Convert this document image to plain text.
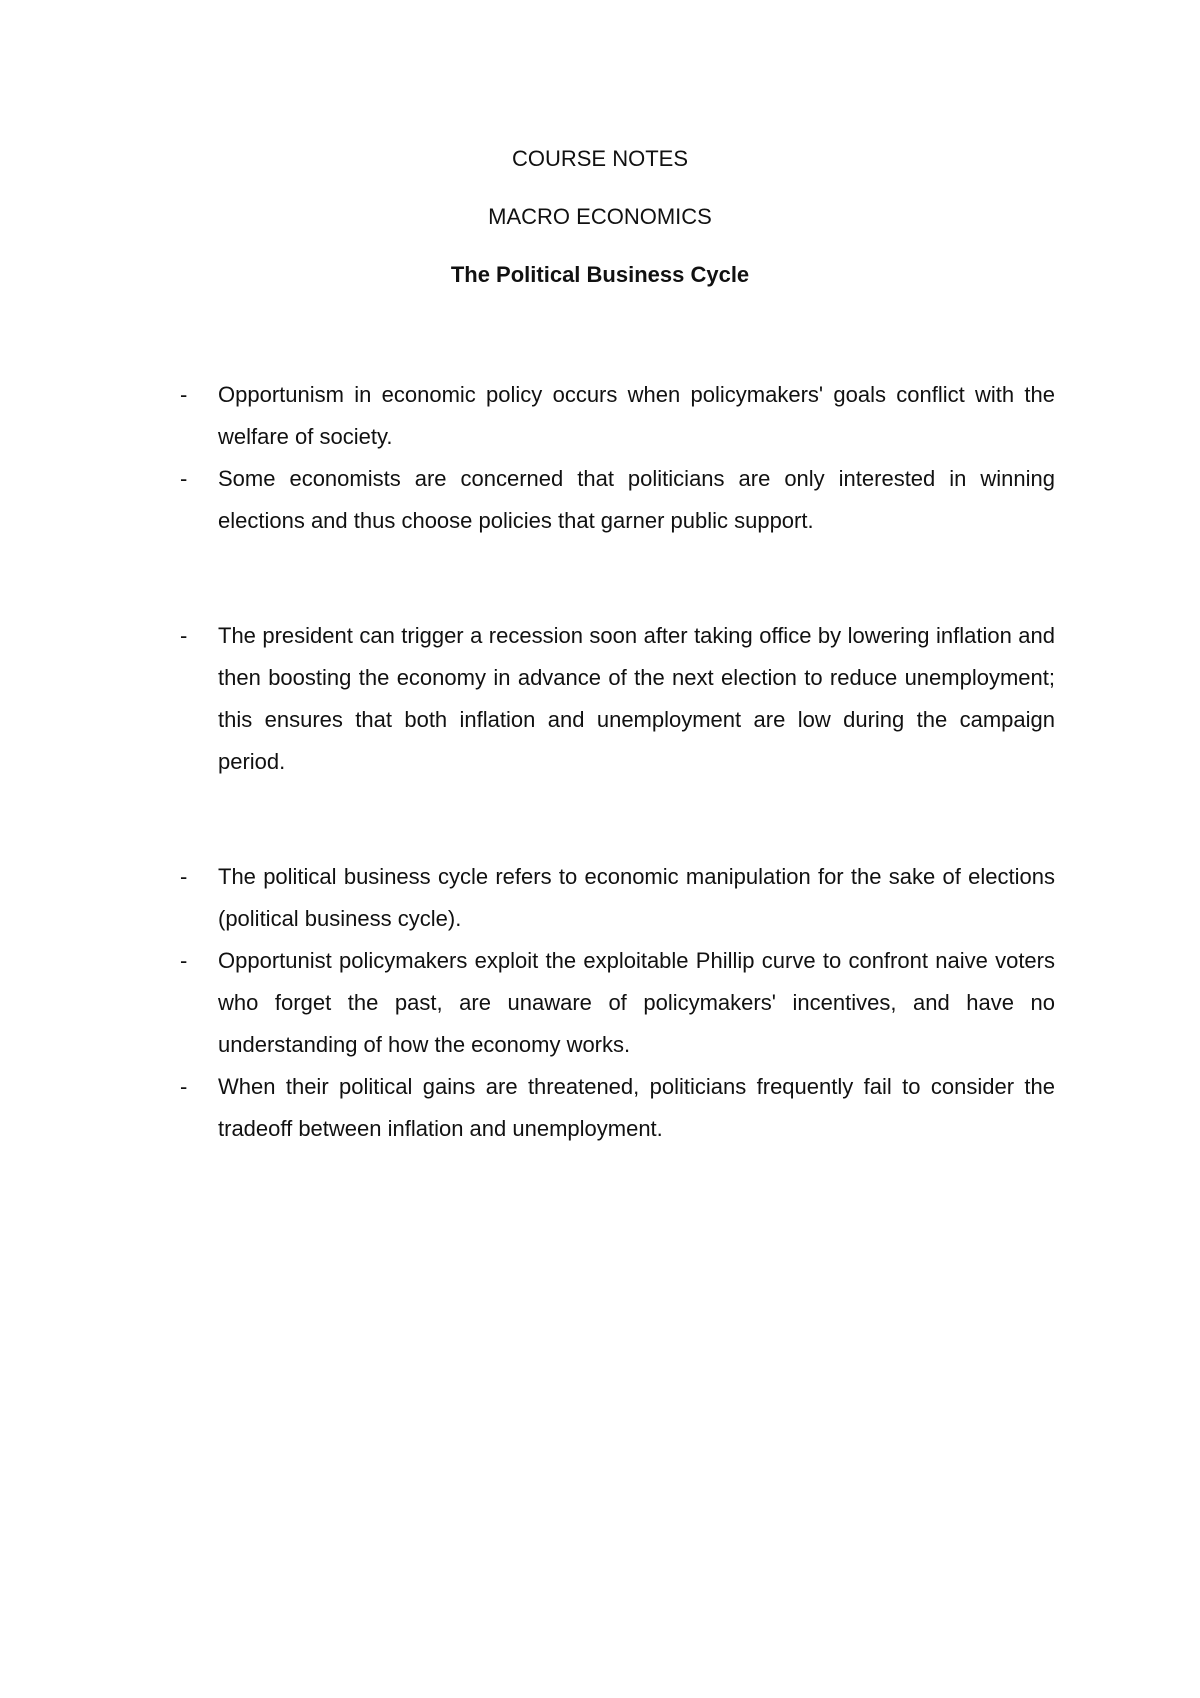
COURSE NOTES
MACRO ECONOMICS
The Political Business Cycle
-	Opportunism in economic policy occurs when policymakers' goals conflict with the welfare of society.
-	Some economists are concerned that politicians are only interested in winning elections and thus choose policies that garner public support.
-	The president can trigger a recession soon after taking office by lowering inflation and then boosting the economy in advance of the next election to reduce unemployment; this ensures that both inflation and unemployment are low during the campaign period.
-	The political business cycle refers to economic manipulation for the sake of elections (political business cycle).
-	Opportunist policymakers exploit the exploitable Phillip curve to confront naive voters who forget the past, are unaware of policymakers' incentives, and have no understanding of how the economy works.
-	When their political gains are threatened, politicians frequently fail to consider the tradeoff between inflation and unemployment.
